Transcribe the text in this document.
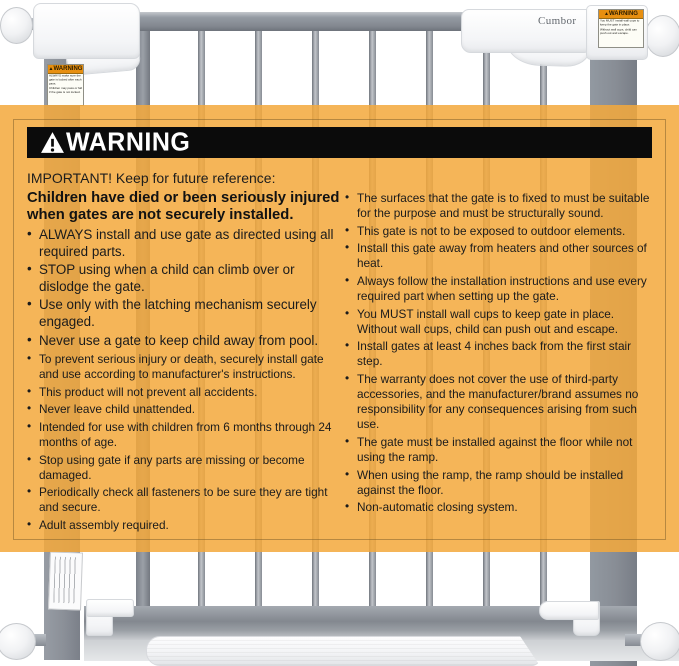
Cumbor
▲WARNING

ALWAYS make sure the gate is locked after each pass.

Children may pass or fall if the gate is not locked.

▲WARNING

You MUST install wall cups to keep the gate in place.

Without wall cups, child can push out and escape.

WARNING
IMPORTANT! Keep for future reference:
Children have died or been seriously injured when gates are not securely installed.
• ALWAYS install and use gate as directed using all required parts.
• STOP using when a child can climb over or dislodge the gate.
• Use only with the latching mechanism securely engaged.
• Never use a gate to keep child away from pool.
• To prevent serious injury or death, securely install gate and use according to manufacturer's instructions.
• This product will not prevent all accidents.
• Never leave child unattended.
• Intended for use with children from 6 months through 24 months of age.
• Stop using gate if any parts are missing or become damaged.
• Periodically check all fasteners to be sure they are tight and secure.
• Adult assembly required.
• The surfaces that the gate is to fixed to must be suitable for the purpose and must be structurally sound.
• This gate is not to be exposed to outdoor elements.
• Install this gate away from heaters and other sources of heat.
• Always follow the installation instructions and use every required part when setting up the gate.
• You MUST install wall cups to keep gate in place. Without wall cups, child can push out and escape.
• Install gates at least 4 inches back from the first stair step.
• The warranty does not cover the use of third-party accessories, and the manufacturer/brand assumes no responsibility for any consequences arising from such use.
• The gate must be installed against the floor while not using the ramp.
• When using the ramp, the ramp should be installed against the floor.
• Non-automatic closing system.
